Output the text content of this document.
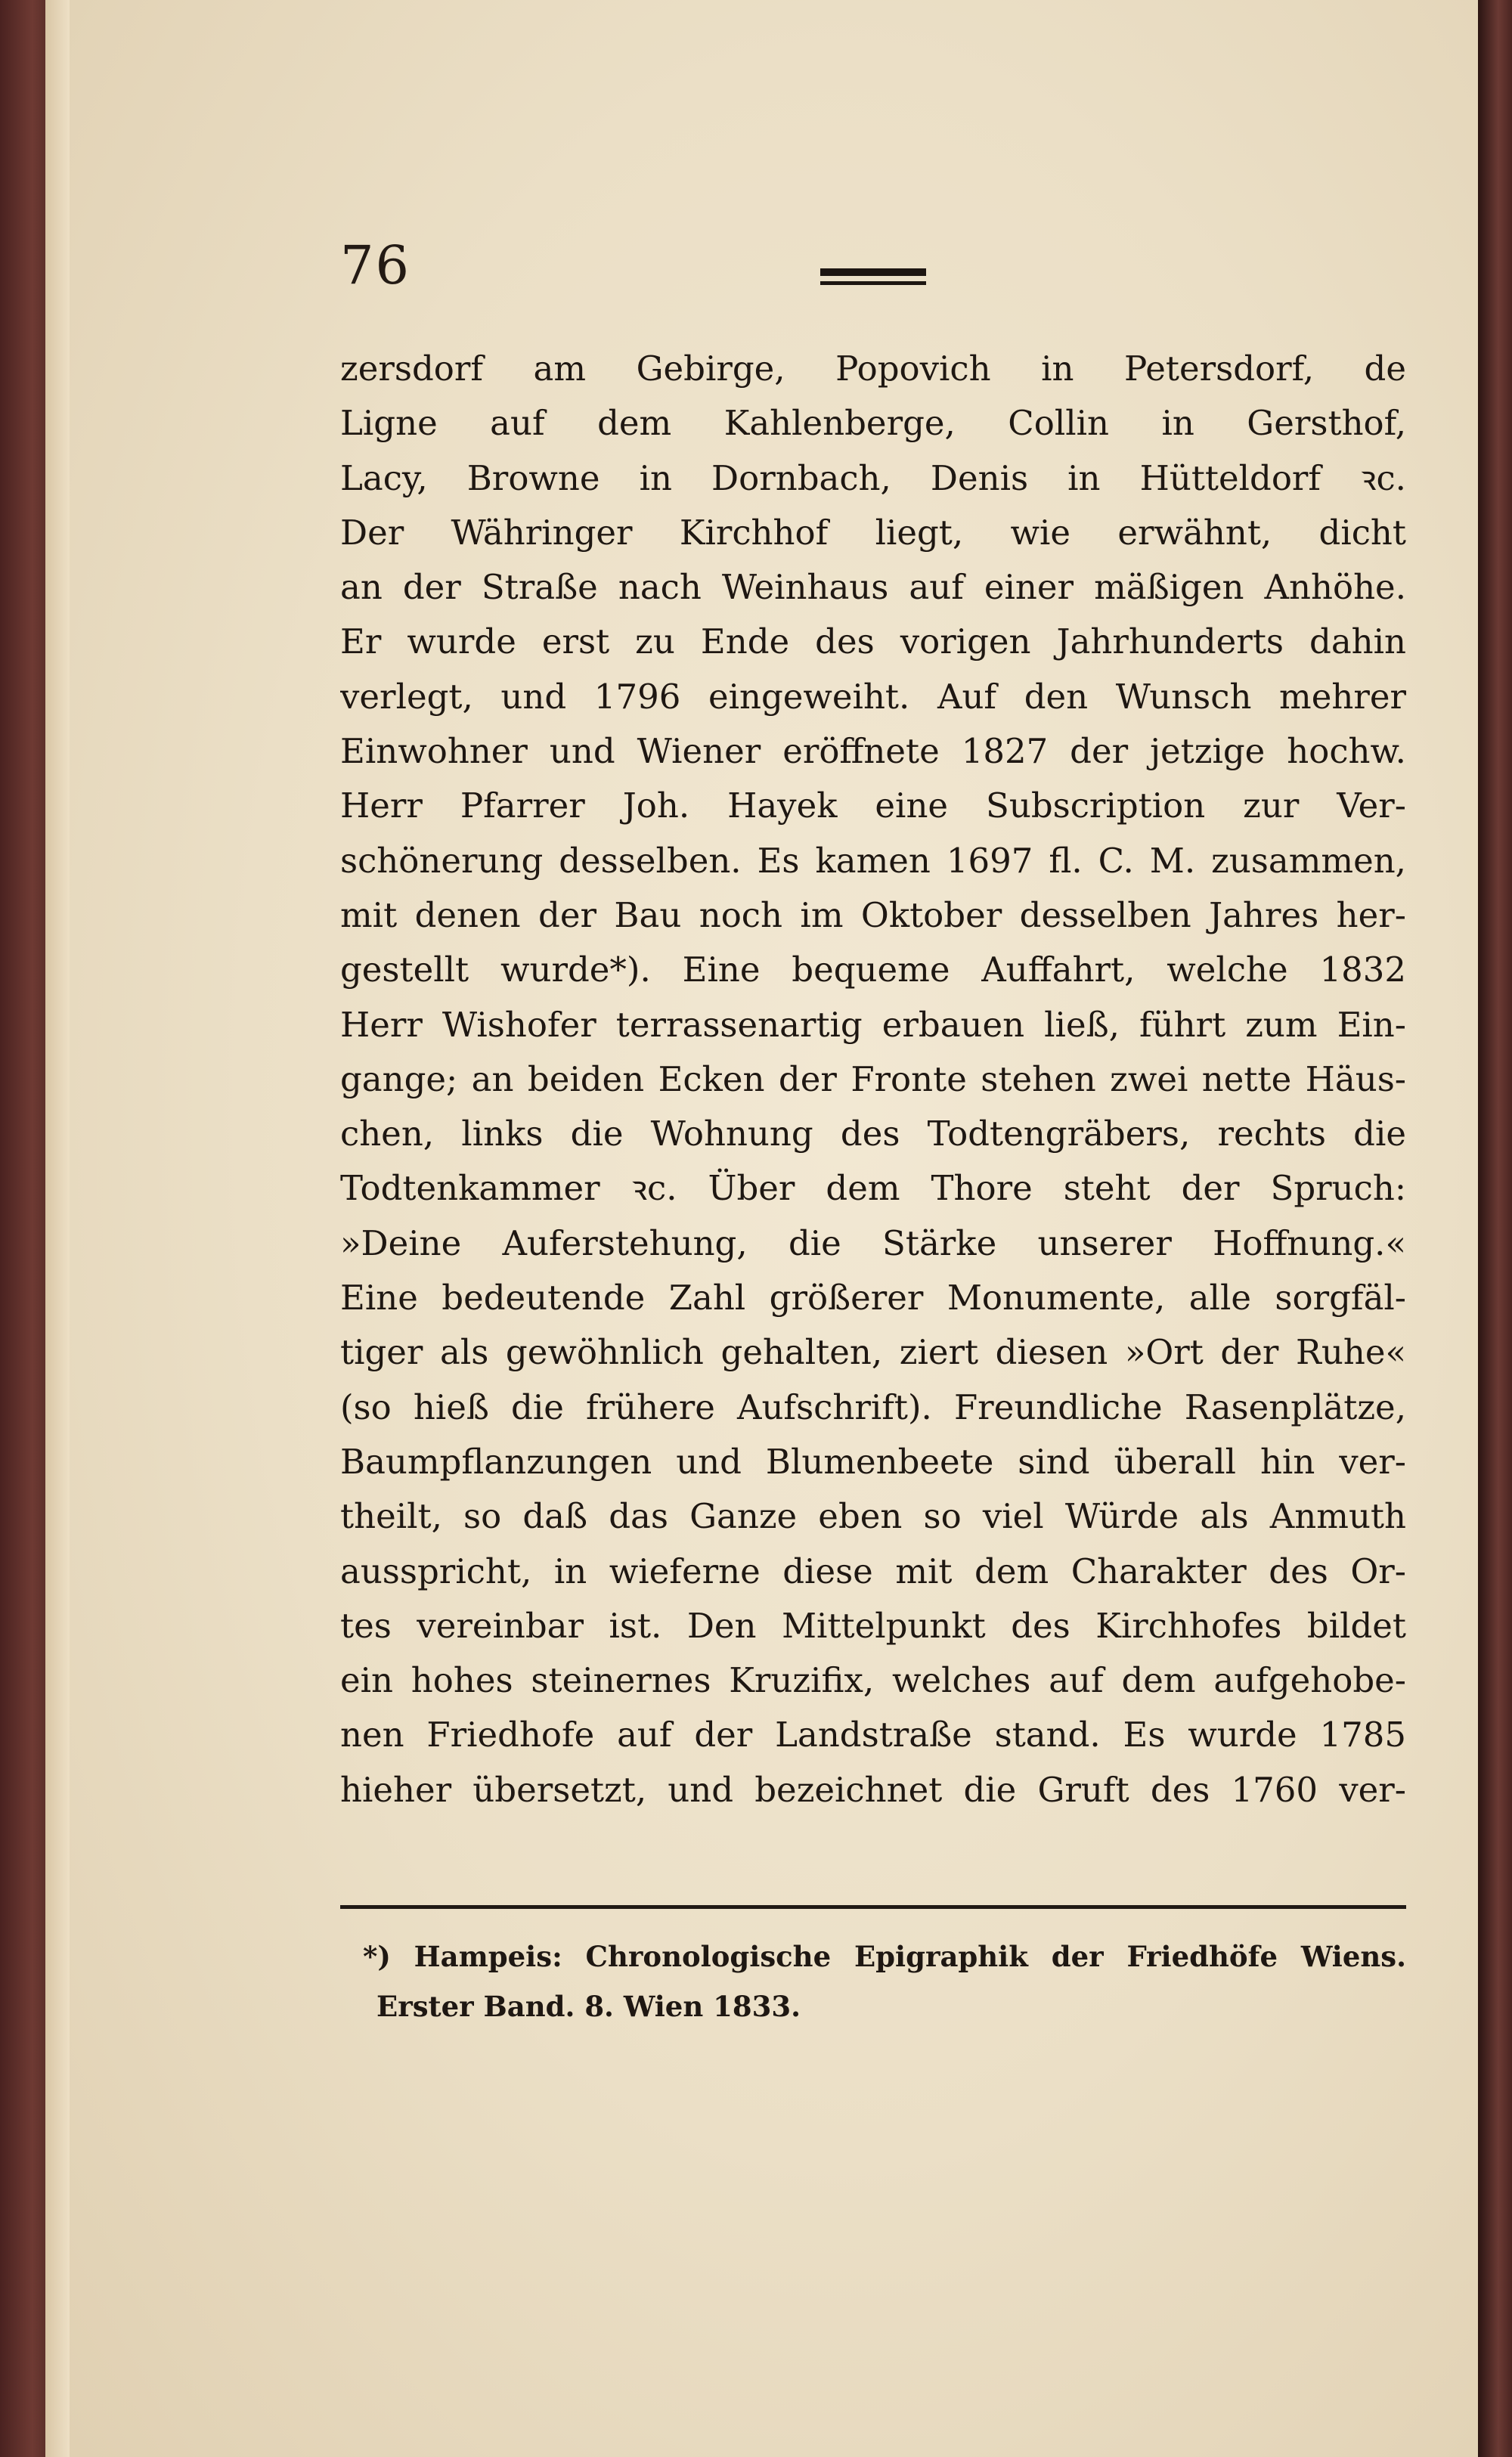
76
zersdorf am Gebirge, Popovich in Petersdorf, de
Ligne auf dem Kahlenberge, Collin in Gersthof,
Lacy, Browne in Dornbach, Denis in Hütteldorf ꝛc.
Der Währinger Kirchhof liegt, wie erwähnt, dicht
an der Straße nach Weinhaus auf einer mäßigen Anhöhe.
Er wurde erst zu Ende des vorigen Jahrhunderts dahin
verlegt, und 1796 eingeweiht. Auf den Wunsch mehrer
Einwohner und Wiener eröffnete 1827 der jetzige hochw.
Herr Pfarrer Joh. Hayek eine Subscription zur Ver-
schönerung desselben. Es kamen 1697 fl. C. M. zusammen,
mit denen der Bau noch im Oktober desselben Jahres her-
gestellt wurde*). Eine bequeme Auffahrt, welche 1832
Herr Wishofer terrassenartig erbauen ließ, führt zum Ein-
gange; an beiden Ecken der Fronte stehen zwei nette Häus-
chen, links die Wohnung des Todtengräbers, rechts die
Todtenkammer ꝛc. Über dem Thore steht der Spruch:
»Deine Auferstehung, die Stärke unserer Hoffnung.«
Eine bedeutende Zahl größerer Monumente, alle sorgfäl-
tiger als gewöhnlich gehalten, ziert diesen »Ort der Ruhe«
(so hieß die frühere Aufschrift). Freundliche Rasenplätze,
Baumpflanzungen und Blumenbeete sind überall hin ver-
theilt, so daß das Ganze eben so viel Würde als Anmuth
ausspricht, in wieferne diese mit dem Charakter des Or-
tes vereinbar ist. Den Mittelpunkt des Kirchhofes bildet
ein hohes steinernes Kruzifix, welches auf dem aufgehobe-
nen Friedhofe auf der Landstraße stand. Es wurde 1785
hieher übersetzt, und bezeichnet die Gruft des 1760 ver-
*) Hampeis: Chronologische Epigraphik der Friedhöfe Wiens.
Erster Band. 8. Wien 1833.
